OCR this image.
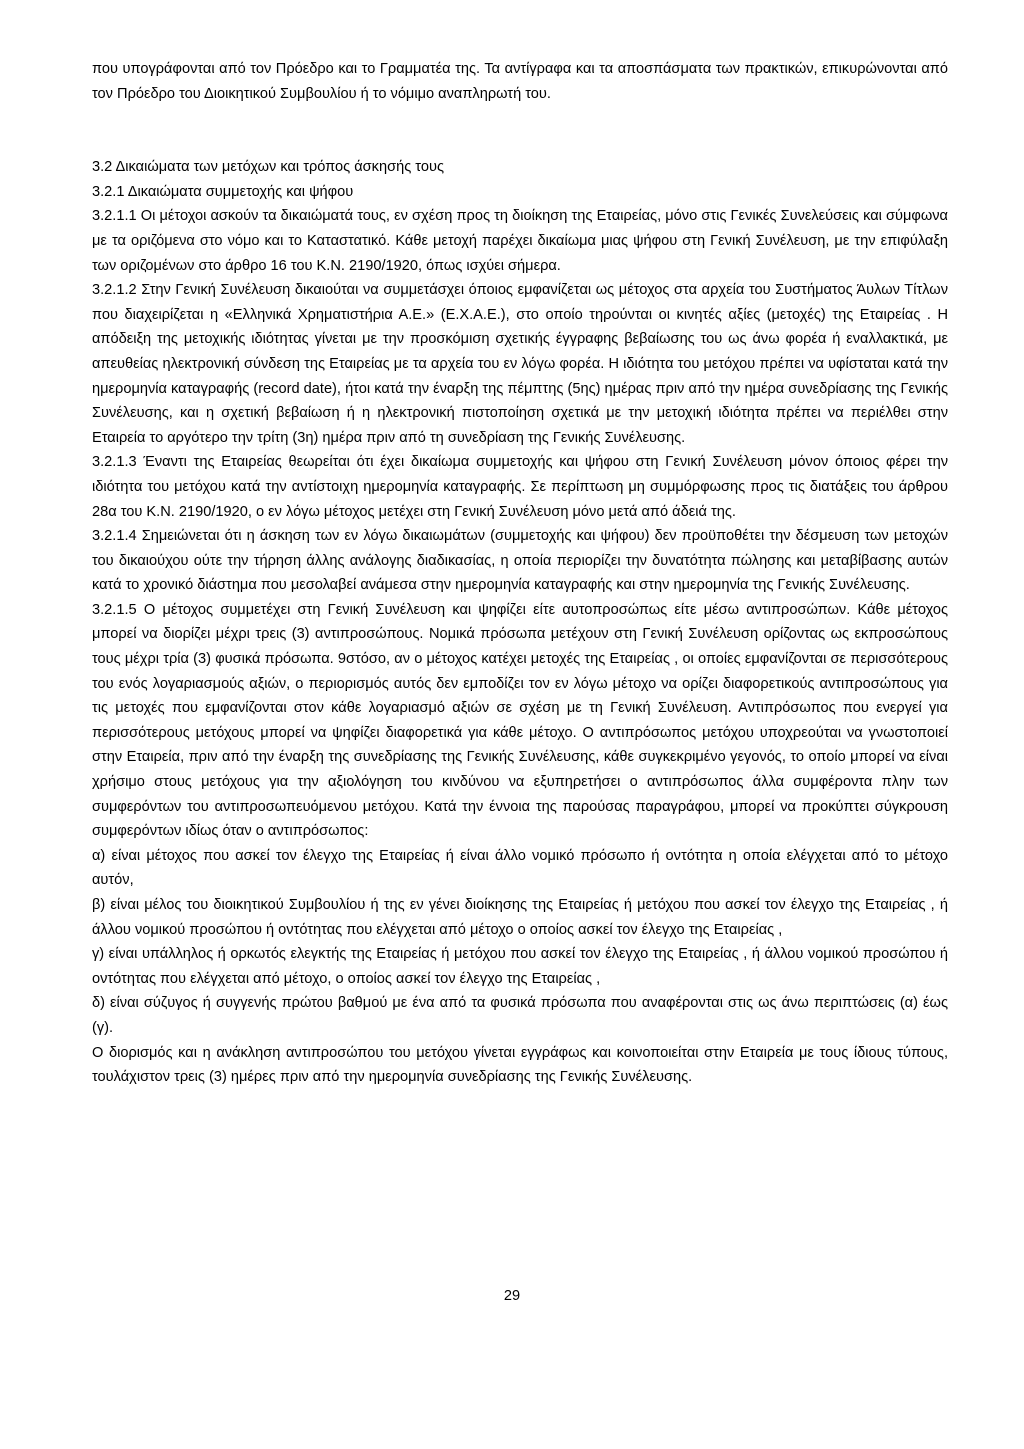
που υπογράφονται από τον Πρόεδρο και το Γραμματέα της. Τα αντίγραφα και τα αποσπάσματα των πρακτικών, επικυρώνονται από τον Πρόεδρο του Διοικητικού Συμβουλίου ή το νόμιμο αναπληρωτή του.

3.2 Δικαιώματα των μετόχων και τρόπος άσκησής τους

3.2.1 Δικαιώματα συμμετοχής και ψήφου

3.2.1.1 Οι μέτοχοι ασκούν τα δικαιώματά τους, εν σχέση προς τη διοίκηση της Εταιρείας, μόνο στις Γενικές Συνελεύσεις και σύμφωνα με τα οριζόμενα στο νόμο και το Καταστατικό. Κάθε μετοχή παρέχει δικαίωμα μιας ψήφου στη Γενική Συνέλευση, με την επιφύλαξη των οριζομένων στο άρθρο 16 του Κ.Ν. 2190/1920, όπως ισχύει σήμερα.

3.2.1.2 Στην Γενική Συνέλευση δικαιούται να συμμετάσχει όποιος εμφανίζεται ως μέτοχος στα αρχεία του Συστήματος Άυλων Τίτλων που διαχειρίζεται η «Ελληνικά Χρηματιστήρια Α.Ε.» (Ε.Χ.Α.Ε.), στο οποίο τηρούνται οι κινητές αξίες (μετοχές) της Εταιρείας . Η απόδειξη της μετοχικής ιδιότητας γίνεται με την προσκόμιση σχετικής έγγραφης βεβαίωσης του ως άνω φορέα ή εναλλακτικά, με απευθείας ηλεκτρονική σύνδεση της Εταιρείας με τα αρχεία του εν λόγω φορέα. Η ιδιότητα του μετόχου πρέπει να υφίσταται κατά την ημερομηνία καταγραφής (record date), ήτοι κατά την έναρξη της πέμπτης (5ης) ημέρας πριν από την ημέρα συνεδρίασης της Γενικής Συνέλευσης, και η σχετική βεβαίωση ή η ηλεκτρονική πιστοποίηση σχετικά με την μετοχική ιδιότητα πρέπει να περιέλθει στην Εταιρεία το αργότερο την τρίτη (3η) ημέρα πριν από τη συνεδρίαση της Γενικής Συνέλευσης.

3.2.1.3 Έναντι της Εταιρείας θεωρείται ότι έχει δικαίωμα συμμετοχής και ψήφου στη Γενική Συνέλευση μόνον όποιος φέρει την ιδιότητα του μετόχου κατά την αντίστοιχη ημερομηνία καταγραφής. Σε περίπτωση μη συμμόρφωσης προς τις διατάξεις του άρθρου 28α του Κ.Ν. 2190/1920, ο εν λόγω μέτοχος μετέχει στη Γενική Συνέλευση μόνο μετά από άδειά της.

3.2.1.4 Σημειώνεται ότι η άσκηση των εν λόγω δικαιωμάτων (συμμετοχής και ψήφου) δεν προϋποθέτει την δέσμευση των μετοχών του δικαιούχου ούτε την τήρηση άλλης ανάλογης διαδικασίας, η οποία περιορίζει την δυνατότητα πώλησης και μεταβίβασης αυτών κατά το χρονικό διάστημα που μεσολαβεί ανάμεσα στην ημερομηνία καταγραφής και στην ημερομηνία της Γενικής Συνέλευσης.

3.2.1.5 Ο μέτοχος συμμετέχει στη Γενική Συνέλευση και ψηφίζει είτε αυτοπροσώπως είτε μέσω αντιπροσώπων. Κάθε μέτοχος μπορεί να διορίζει μέχρι τρεις (3) αντιπροσώπους. Νομικά πρόσωπα μετέχουν στη Γενική Συνέλευση ορίζοντας ως εκπροσώπους τους μέχρι τρία (3) φυσικά πρόσωπα. 9στόσο, αν ο μέτοχος κατέχει μετοχές της Εταιρείας , οι οποίες εμφανίζονται σε περισσότερους του ενός λογαριασμούς αξιών, ο περιορισμός αυτός δεν εμποδίζει τον εν λόγω μέτοχο να ορίζει διαφορετικούς αντιπροσώπους για τις μετοχές που εμφανίζονται στον κάθε λογαριασμό αξιών σε σχέση με τη Γενική Συνέλευση. Αντιπρόσωπος που ενεργεί για περισσότερους μετόχους μπορεί να ψηφίζει διαφορετικά για κάθε μέτοχο. Ο αντιπρόσωπος μετόχου υποχρεούται να γνωστοποιεί στην Εταιρεία, πριν από την έναρξη της συνεδρίασης της Γενικής Συνέλευσης, κάθε συγκεκριμένο γεγονός, το οποίο μπορεί να είναι χρήσιμο στους μετόχους για την αξιολόγηση του κινδύνου να εξυπηρετήσει ο αντιπρόσωπος άλλα συμφέροντα πλην των συμφερόντων του αντιπροσωπευόμενου μετόχου. Κατά την έννοια της παρούσας παραγράφου, μπορεί να προκύπτει σύγκρουση συμφερόντων ιδίως όταν ο αντιπρόσωπος:

α) είναι μέτοχος που ασκεί τον έλεγχο της Εταιρείας ή είναι άλλο νομικό πρόσωπο ή οντότητα η οποία ελέγχεται από το μέτοχο αυτόν,

β) είναι μέλος του διοικητικού Συμβουλίου ή της εν γένει διοίκησης της Εταιρείας ή μετόχου που ασκεί τον έλεγχο της Εταιρείας , ή άλλου νομικού προσώπου ή οντότητας που ελέγχεται από μέτοχο ο οποίος ασκεί τον έλεγχο της Εταιρείας ,

γ) είναι υπάλληλος ή ορκωτός ελεγκτής της Εταιρείας ή μετόχου που ασκεί τον έλεγχο της Εταιρείας , ή άλλου νομικού προσώπου ή οντότητας που ελέγχεται από μέτοχο, ο οποίος ασκεί τον έλεγχο της Εταιρείας ,

δ) είναι σύζυγος ή συγγενής πρώτου βαθμού με ένα από τα φυσικά πρόσωπα που αναφέρονται στις ως άνω περιπτώσεις (α) έως (γ).

Ο διορισμός και η ανάκληση αντιπροσώπου του μετόχου γίνεται εγγράφως και κοινοποιείται στην Εταιρεία με τους ίδιους τύπους, τουλάχιστον τρεις (3) ημέρες πριν από την ημερομηνία συνεδρίασης της Γενικής Συνέλευσης.

29
